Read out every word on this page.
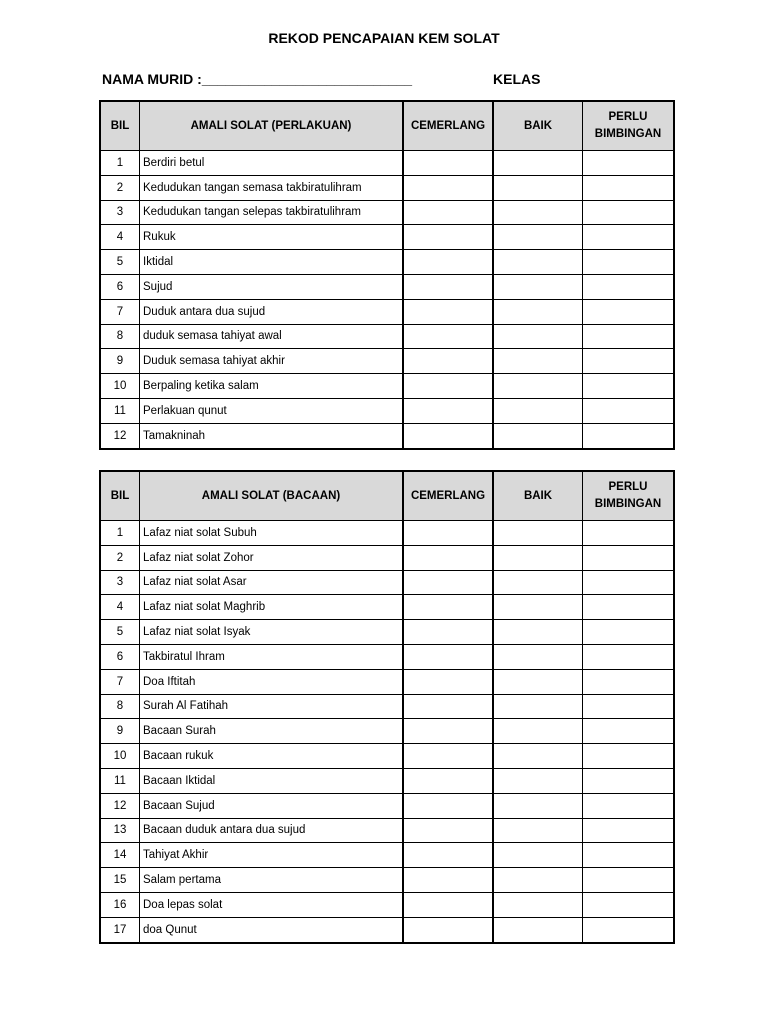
REKOD PENCAPAIAN KEM SOLAT
NAMA MURID :___________________________	KELAS
BIL	AMALI SOLAT (PERLAKUAN)	CEMERLANG	BAIK	PERLU
BIMBINGAN
1	Berdiri betul			
2	Kedudukan tangan semasa takbiratulihram			
3	Kedudukan tangan selepas takbiratulihram			
4	Rukuk			
5	Iktidal			
6	Sujud			
7	Duduk antara dua sujud			
8	duduk semasa tahiyat awal			
9	Duduk semasa tahiyat akhir			
10	Berpaling ketika salam			
11	Perlakuan qunut			
12	Tamakninah			
BIL	AMALI SOLAT (BACAAN)	CEMERLANG	BAIK	PERLU
BIMBINGAN
1	Lafaz niat solat Subuh			
2	Lafaz niat solat Zohor			
3	Lafaz niat solat Asar			
4	Lafaz niat solat Maghrib			
5	Lafaz niat solat Isyak			
6	Takbiratul Ihram			
7	Doa Iftitah			
8	Surah Al Fatihah			
9	Bacaan Surah			
10	Bacaan rukuk			
11	Bacaan Iktidal			
12	Bacaan Sujud			
13	Bacaan duduk antara dua sujud			
14	Tahiyat Akhir			
15	Salam pertama			
16	Doa lepas solat			
17	doa Qunut			
